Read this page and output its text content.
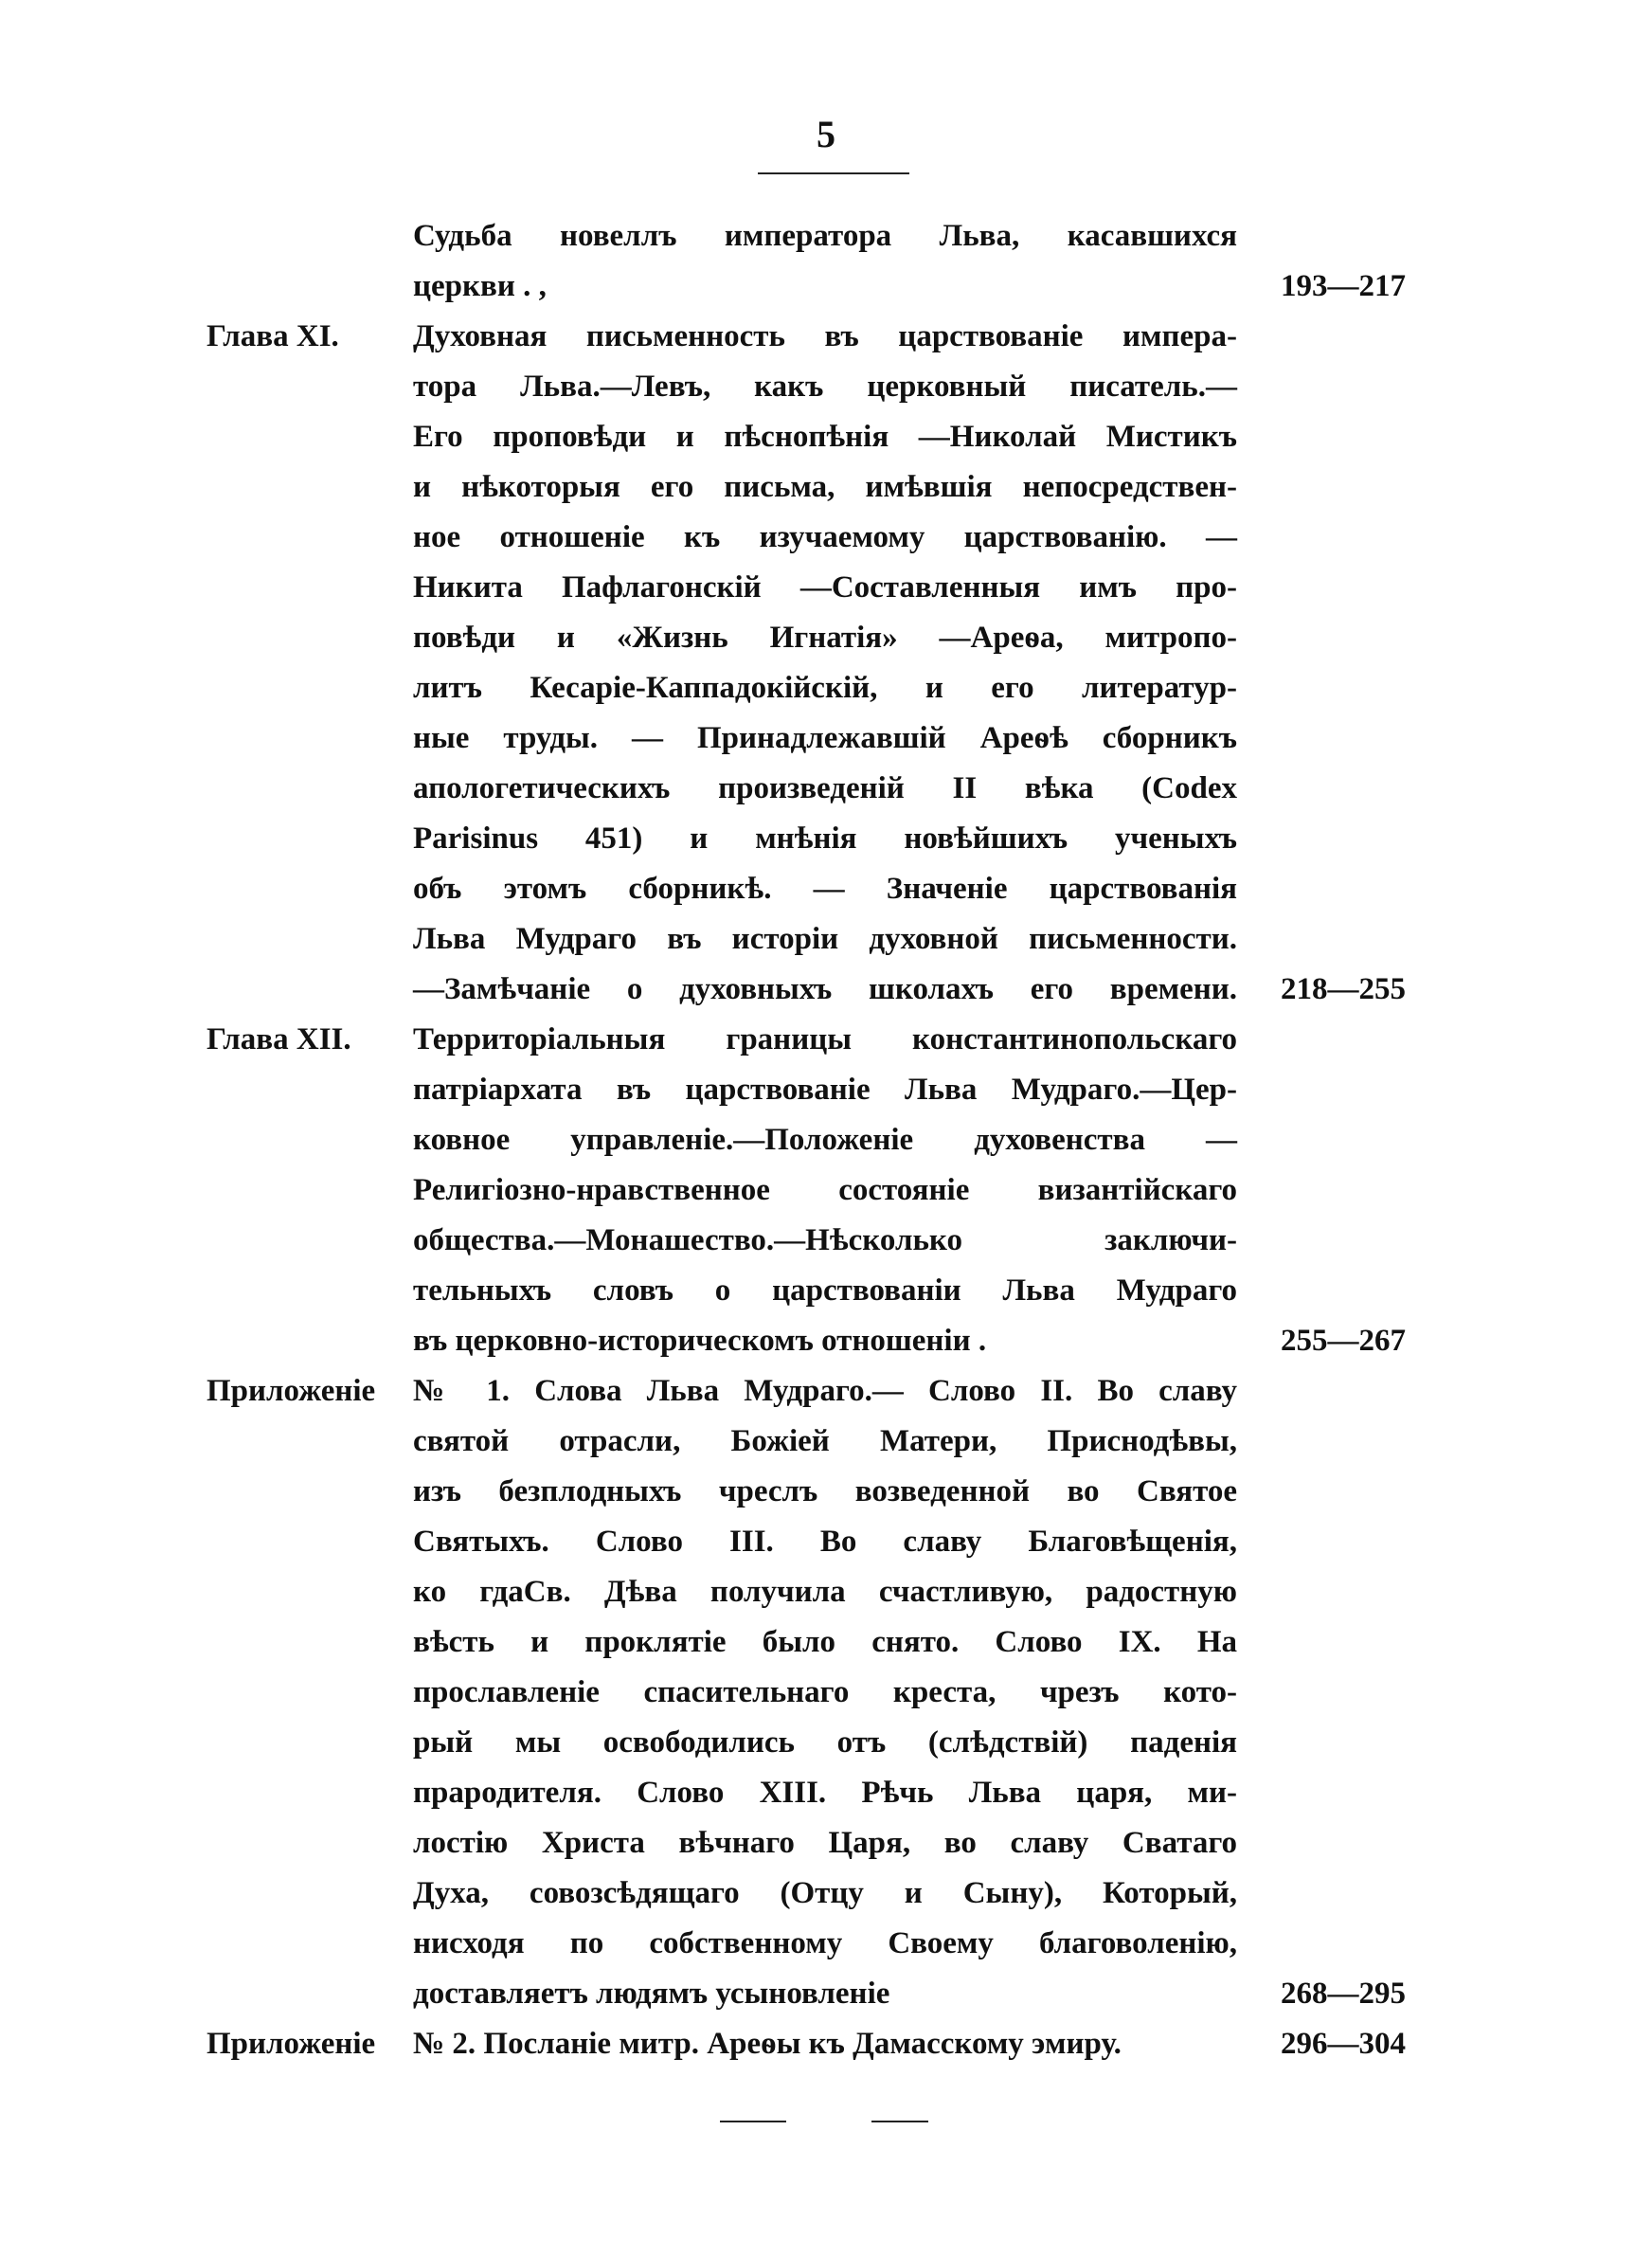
5
Судьба новеллъ императора Льва, касавшихся
церкви . ,	193—217
Глава XI. Духовная письменность въ царствованіе импера-
тора Льва.—Левъ, какъ церковный писатель.—
Его проповѣди и пѣснопѣнія —Николай Мистикъ
и нѣкоторыя его письма, имѣвшія непосредствен-
ное отношеніе къ изучаемому царствованію. —
Никита Пафлагонскій —Составленныя имъ про-
повѣди и «Жизнь Игнатія» —Ареѳа, митропо-
литъ Кесаріе-Каппадокійскій, и его литератур-
ные труды. — Принадлежавшій Ареѳѣ сборникъ
апологетическихъ произведеній II вѣка (Codex
Parisinus 451) и мнѣнія новѣйшихъ ученыхъ
объ этомъ сборникѣ. — Значеніе царствованія
Льва Мудраго въ исторіи духовной письменности.
—Замѣчаніе о духовныхъ школахъ его времени. 218—255
Глава XII. Территоріальныя границы константинопольскаго
патріархата въ царствованіе Льва Мудраго.—Цер-
ковное управленіе.—Положеніе духовенства —
Религіозно-нравственное состояніе византійскаго
общества.—Монашество.—Нѣсколько заключи-
тельныхъ словъ о царствованіи Льва Мудраго
въ церковно-историческомъ отношеніи .	255—267
Приложеніе № 1. Слова Льва Мудраго.— Слово II. Во славу
святой отрасли, Божіей Матери, Приснодѣвы,
изъ безплодныхъ чреслъ возведенной во Святое
Святыхъ. Слово III. Во славу Благовѣщенія,
ко гдаСв. Дѣва получила счастливую, радостную
вѣсть и проклятіе было снято. Слово IX. На
прославленіе спасительнаго креста, чрезъ кото-
рый мы освободились отъ (слѣдствій) паденія
прародителя. Слово XIII. Рѣчь Льва царя, ми-
лостію Христа вѣчнаго Царя, во славу Сватаго
Духа, совозсѣдящаго (Отцу и Сыну), Который,
нисходя по собственному Своему благоволенію,
доставляетъ людямъ усыновленіе	268—295
Приложеніе № 2. Посланіе митр. Ареѳы къ Дамасскому эмиру.	296—304
